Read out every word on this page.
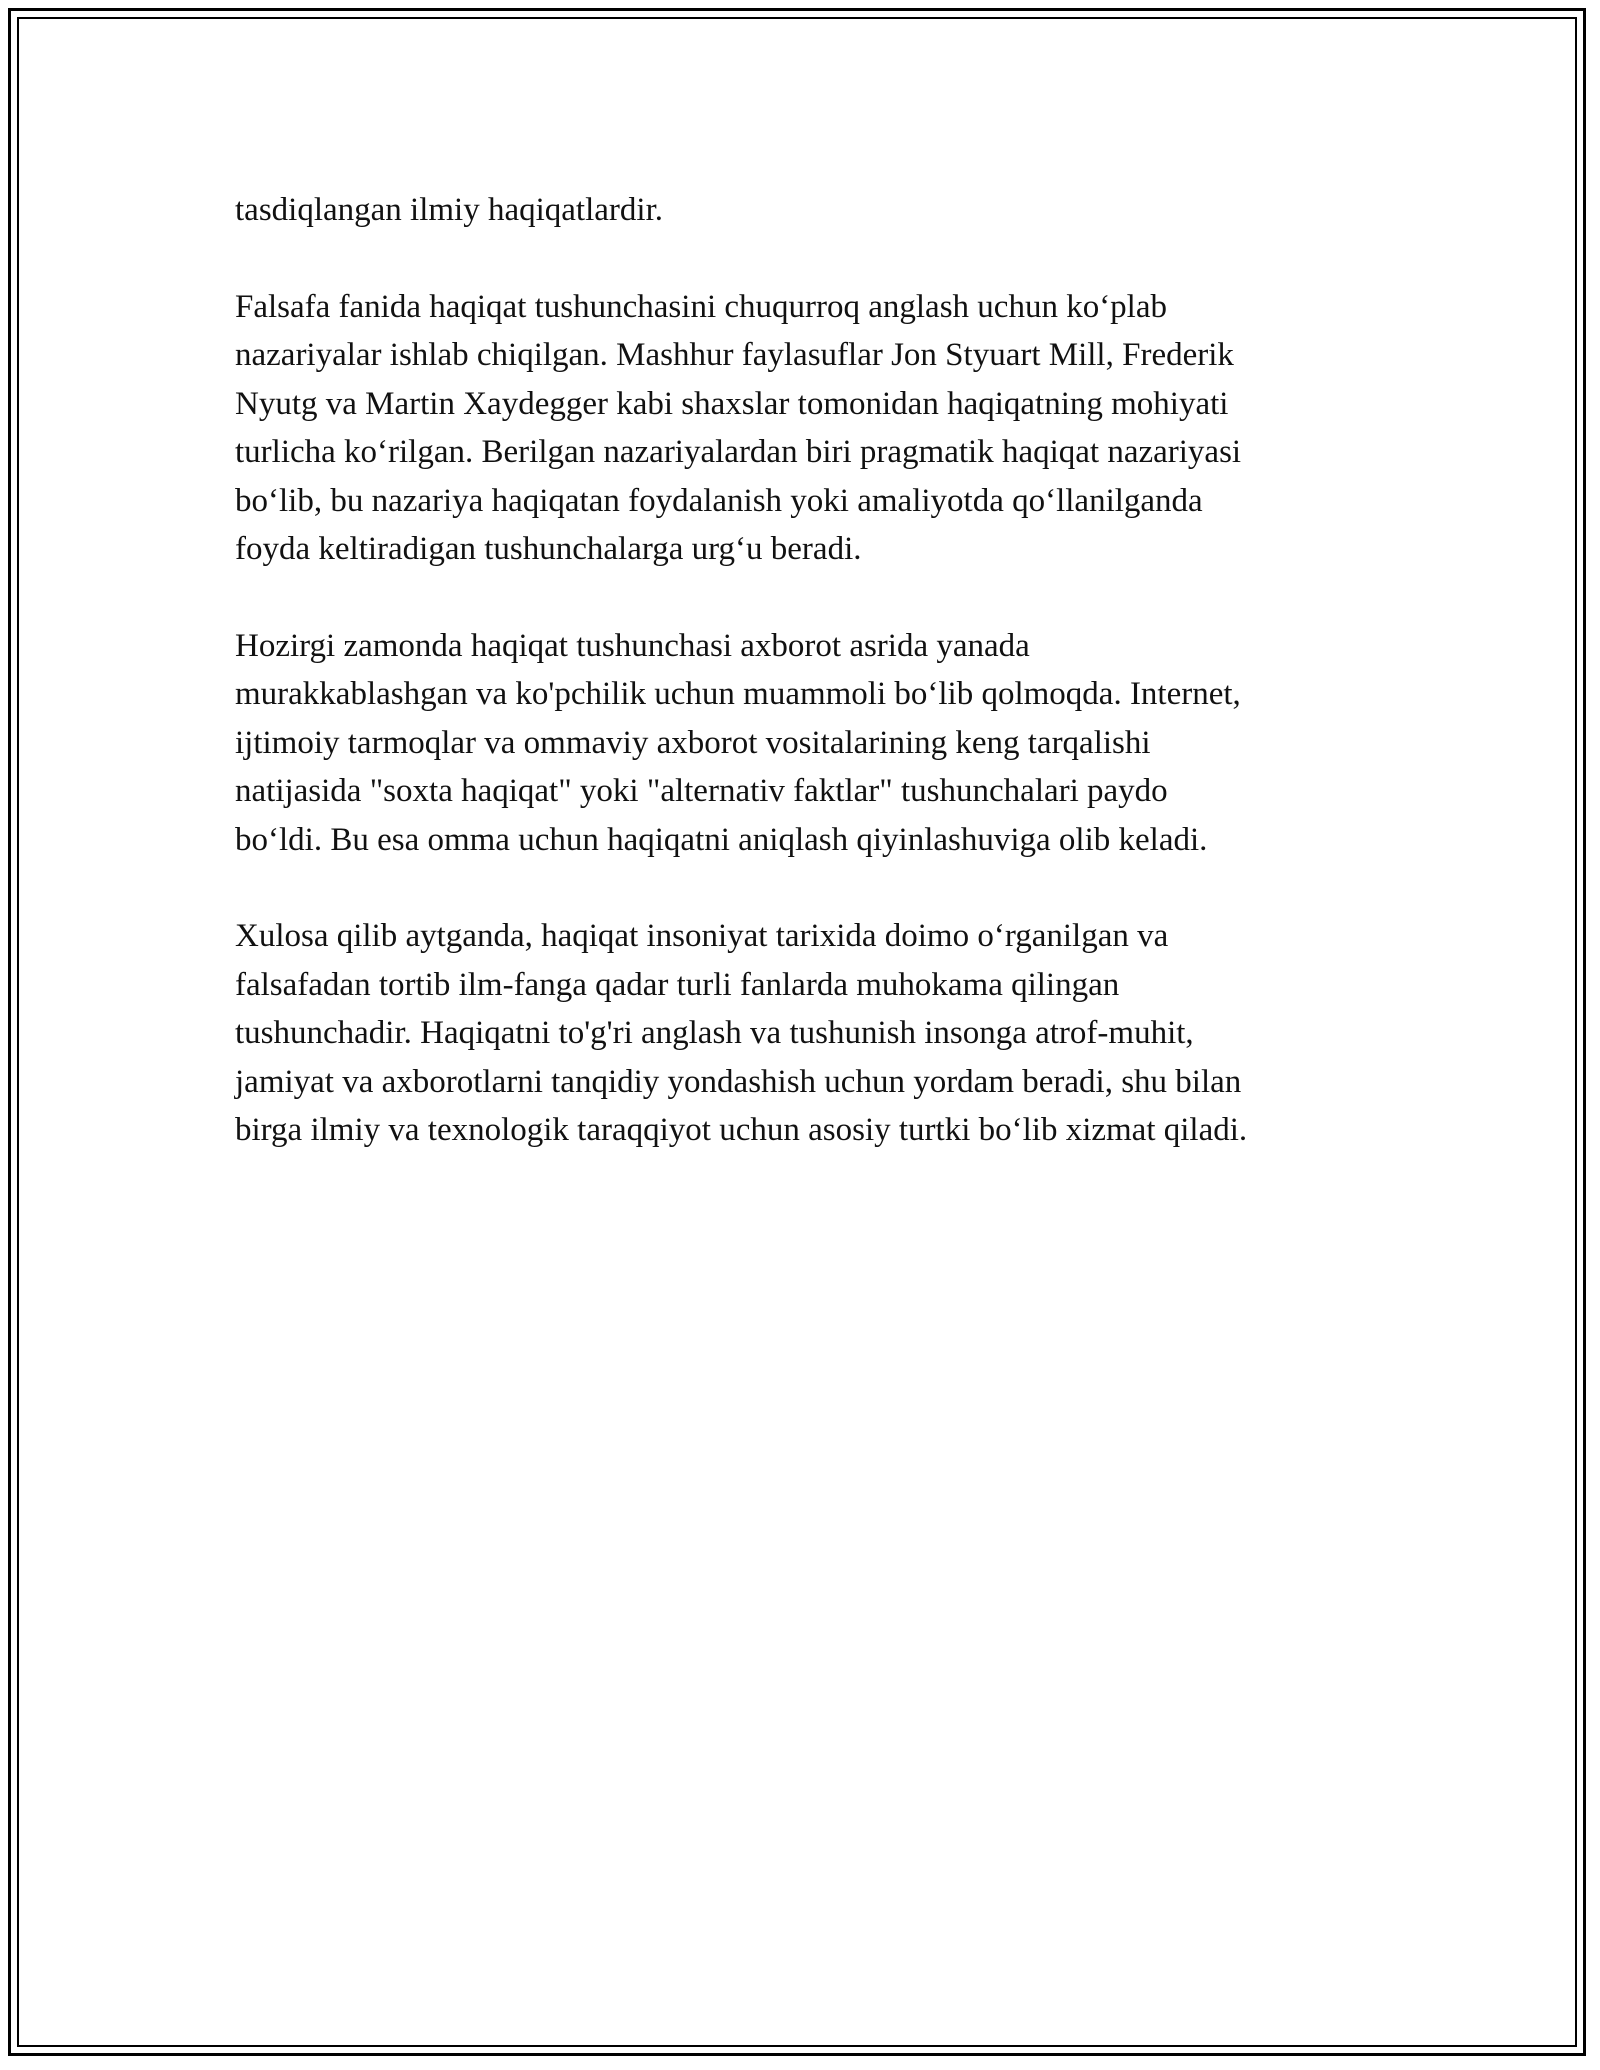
tasdiqlangan ilmiy haqiqatlardir.

Falsafa fanida haqiqat tushunchasini chuqurroq anglash uchun ko‘plab
nazariyalar ishlab chiqilgan. Mashhur faylasuflar Jon Styuart Mill, Frederik
Nyutg va Martin Xaydegger kabi shaxslar tomonidan haqiqatning mohiyati
turlicha ko‘rilgan. Berilgan nazariyalardan biri pragmatik haqiqat nazariyasi
bo‘lib, bu nazariya haqiqatan foydalanish yoki amaliyotda qo‘llanilganda
foyda keltiradigan tushunchalarga urg‘u beradi.

Hozirgi zamonda haqiqat tushunchasi axborot asrida yanada
murakkablashgan va ko'pchilik uchun muammoli bo‘lib qolmoqda. Internet,
ijtimoiy tarmoqlar va ommaviy axborot vositalarining keng tarqalishi
natijasida "soxta haqiqat" yoki "alternativ faktlar" tushunchalari paydo
bo‘ldi. Bu esa omma uchun haqiqatni aniqlash qiyinlashuviga olib keladi.

Xulosa qilib aytganda, haqiqat insoniyat tarixida doimo o‘rganilgan va
falsafadan tortib ilm-fanga qadar turli fanlarda muhokama qilingan
tushunchadir. Haqiqatni to'g'ri anglash va tushunish insonga atrof-muhit,
jamiyat va axborotlarni tanqidiy yondashish uchun yordam beradi, shu bilan
birga ilmiy va texnologik taraqqiyot uchun asosiy turtki bo‘lib xizmat qiladi.
